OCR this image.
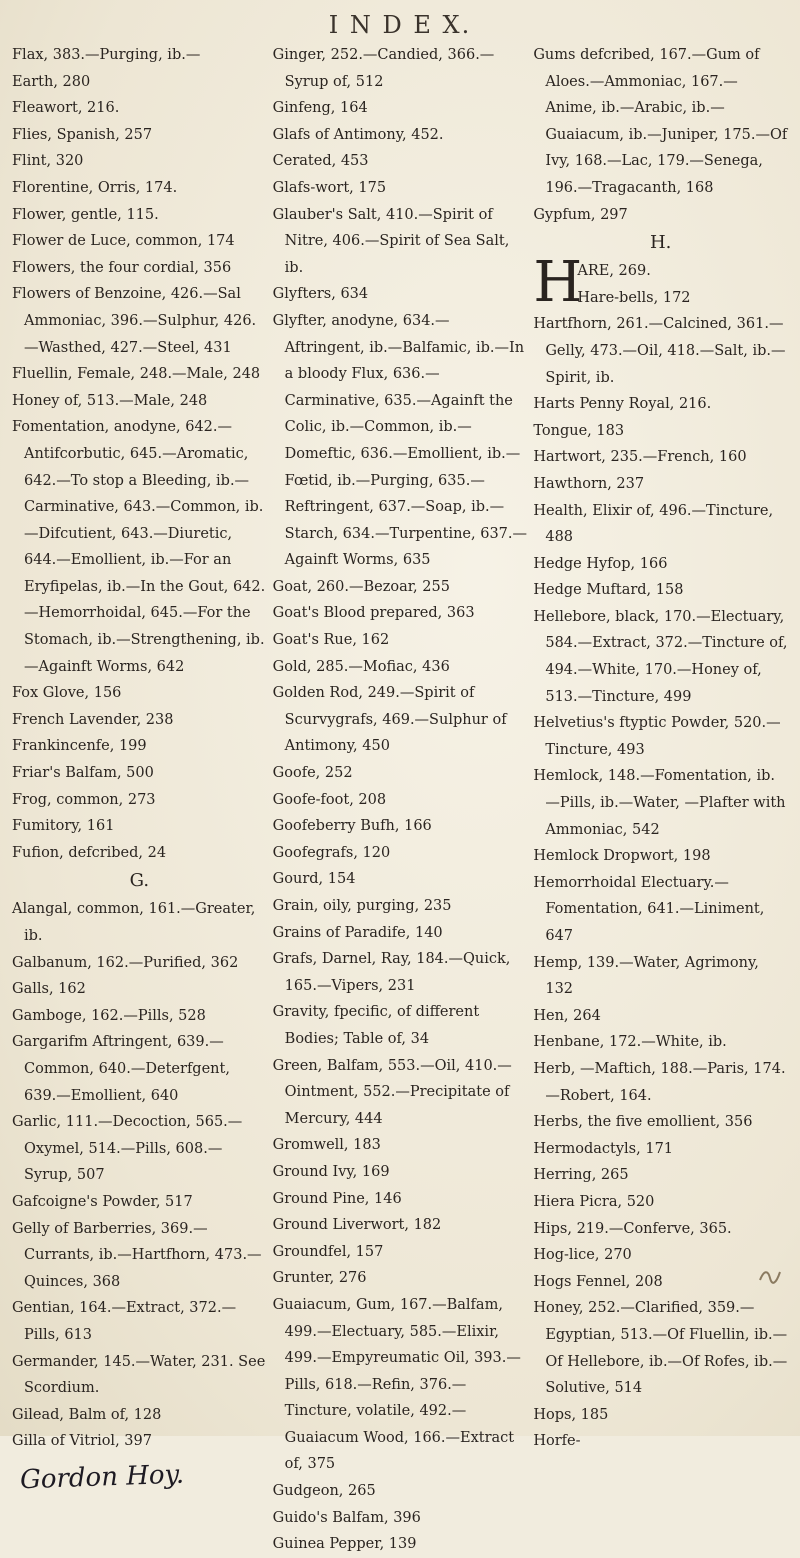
I N D E X.
Flax, 383.—Purging, ib.—
Earth, 280
Fleawort, 216.
Flies, Spanish, 257
Flint, 320
Florentine, Orris, 174.
Flower, gentle, 115.
Flower de Luce, common, 174
Flowers, the four cordial, 356
Flowers of Benzoine, 426.—Sal Ammoniac, 396.—Sulphur, 426.—Wasthed, 427.—Steel, 431
Fluellin, Female, 248.—Male, 248
Honey of, 513.—Male, 248
Fomentation, anodyne, 642.—Antifcorbutic, 645.—Aromatic, 642.—To stop a Bleeding, ib.—Carminative, 643.—Common, ib.—Difcutient, 643.—Diuretic, 644.—Emollient, ib.—For an Eryfipelas, ib.—In the Gout, 642.—Hemorrhoidal, 645.—For the Stomach, ib.—Strengthening, ib.—Againft Worms, 642
Fox Glove, 156
French Lavender, 238
Frankincenfe, 199
Friar's Balfam, 500
Frog, common, 273
Fumitory, 161
Fufion, defcribed, 24
G.
Alangal, common, 161.—Greater, ib.
Galbanum, 162.—Purified, 362
Galls, 162
Gamboge, 162.—Pills, 528
Gargarifm Aftringent, 639.—Common, 640.—Deterfgent, 639.—Emollient, 640
Garlic, 111.—Decoction, 565.—Oxymel, 514.—Pills, 608.—Syrup, 507
Gafcoigne's Powder, 517
Gelly of Barberries, 369.—Currants, ib.—Hartfhorn, 473.—Quinces, 368
Gentian, 164.—Extract, 372.—Pills, 613
Germander, 145.—Water, 231. See Scordium.
Gilead, Balm of, 128
Gilla of Vitriol, 397
Gordon Hoy.
Ginger, 252.—Candied, 366.—Syrup of, 512
Ginfeng, 164
Glafs of Antimony, 452.
Cerated, 453
Glafs-wort, 175
Glauber's Salt, 410.—Spirit of Nitre, 406.—Spirit of Sea Salt, ib.
Glyfters, 634
Glyfter, anodyne, 634.—Aftringent, ib.—Balfamic, ib.—In a bloody Flux, 636.—Carminative, 635.—Againft the Colic, ib.—Common, ib.—Domeftic, 636.—Emollient, ib.—Fœtid, ib.—Purging, 635.—Reftringent, 637.—Soap, ib.—Starch, 634.—Turpentine, 637.—Againft Worms, 635
Goat, 260.—Bezoar, 255
Goat's Blood prepared, 363
Goat's Rue, 162
Gold, 285.—Mofiac, 436
Golden Rod, 249.—Spirit of Scurvygrafs, 469.—Sulphur of Antimony, 450
Goofe, 252
Goofe-foot, 208
Goofeberry Bufh, 166
Goofegrafs, 120
Gourd, 154
Grain, oily, purging, 235
Grains of Paradife, 140
Grafs, Darnel, Ray, 184.—Quick, 165.—Vipers, 231
Gravity, fpecific, of different Bodies; Table of, 34
Green, Balfam, 553.—Oil, 410.—Ointment, 552.—Precipitate of Mercury, 444
Gromwell, 183
Ground Ivy, 169
Ground Pine, 146
Ground Liverwort, 182
Groundfel, 157
Grunter, 276
Guaiacum, Gum, 167.—Balfam, 499.—Electuary, 585.—Elixir, 499.—Empyreumatic Oil, 393.—Pills, 618.—Refin, 376.—Tincture, volatile, 492.—Guaiacum Wood, 166.—Extract of, 375
Gudgeon, 265
Guido's Balfam, 396
Guinea Pepper, 139
Gums defcribed, 167.—Gum of Aloes.—Ammoniac, 167.—Anime, ib.—Arabic, ib.—Guaiacum, ib.—Juniper, 175.—Of Ivy, 168.—Lac, 179.—Senega, 196.—Tragacanth, 168
Gypfum, 297
H.
H
ARE, 269.
Hare-bells, 172
Hartfhorn, 261.—Calcined, 361.—Gelly, 473.—Oil, 418.—Salt, ib.—Spirit, ib.
Harts Penny Royal, 216.
Tongue, 183
Hartwort, 235.—French, 160
Hawthorn, 237
Health, Elixir of, 496.—Tincture, 488
Hedge Hyfop, 166
Hedge Muftard, 158
Hellebore, black, 170.—Electuary, 584.—Extract, 372.—Tincture of, 494.—White, 170.—Honey of, 513.—Tincture, 499
Helvetius's ftyptic Powder, 520.—Tincture, 493
Hemlock, 148.—Fomentation, ib.—Pills, ib.—Water, —Plafter with Ammoniac, 542
Hemlock Dropwort, 198
Hemorrhoidal Electuary.—Fomentation, 641.—Liniment, 647
Hemp, 139.—Water, Agrimony, 132
Hen, 264
Henbane, 172.—White, ib.
Herb, —Maftich, 188.—Paris, 174.—Robert, 164.
Herbs, the five emollient, 356
Hermodactyls, 171
Herring, 265
Hiera Picra, 520
Hips, 219.—Conferve, 365.
Hog-lice, 270
Hogs Fennel, 208
Honey, 252.—Clarified, 359.—Egyptian, 513.—Of Fluellin, ib.—Of Hellebore, ib.—Of Rofes, ib.—Solutive, 514
Hops, 185
Horfe-
